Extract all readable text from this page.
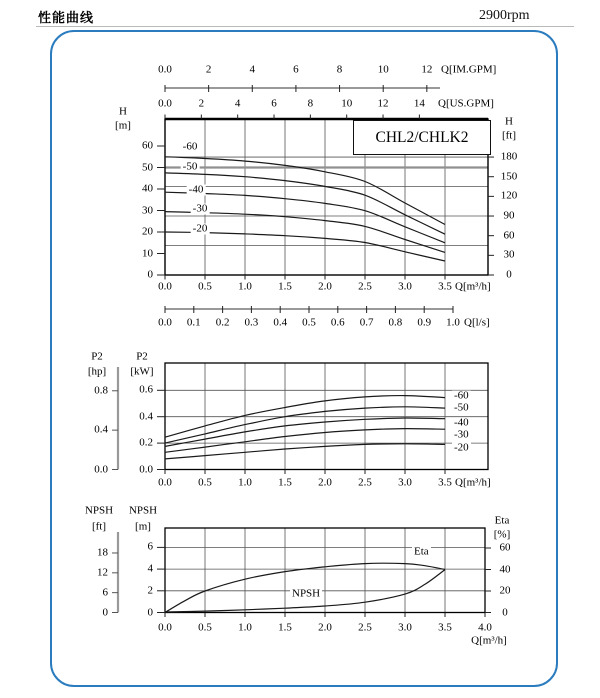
性能曲线	2900rpm
0.0	2	4	6	8	10	12
0.0 2	4	6	8	10 12 14
0.0 0.5 1.0 1.5 2.0 2.5 3.0 3.5
0.0 0.1 0.2 0.3 0.4 0.5 0.6 0.7 0.8 0.9 1.0
60
50
40
30
20
10
0
180
150
120
90
60
30
0
-60
-50
-40
-30
-20
0.8
0.4
0.0
0.6
0.4
0.2
0.0
0.0 0.5 1.0 1.5 2.0 2.5 3.0 3.5
-60
-50
-40
-30
-20
18
12
6
0
6
4
2
0
60
40
20
0
0.0 0.5 1.0 1.5 2.0 2.5 3.0 3.5 4.0
Eta
NPSH
CHL2/CHLK2
H
[m]	H
[ft]
Q[IM.GPM]
Q[US.GPM]
Q[m³/h]
Q[l/s]
P2
[hp]
P2
[kW]
Q[m³/h]
NPSH
[ft]
NPSH
[m]	Eta
[%]
Q[m³/h]
